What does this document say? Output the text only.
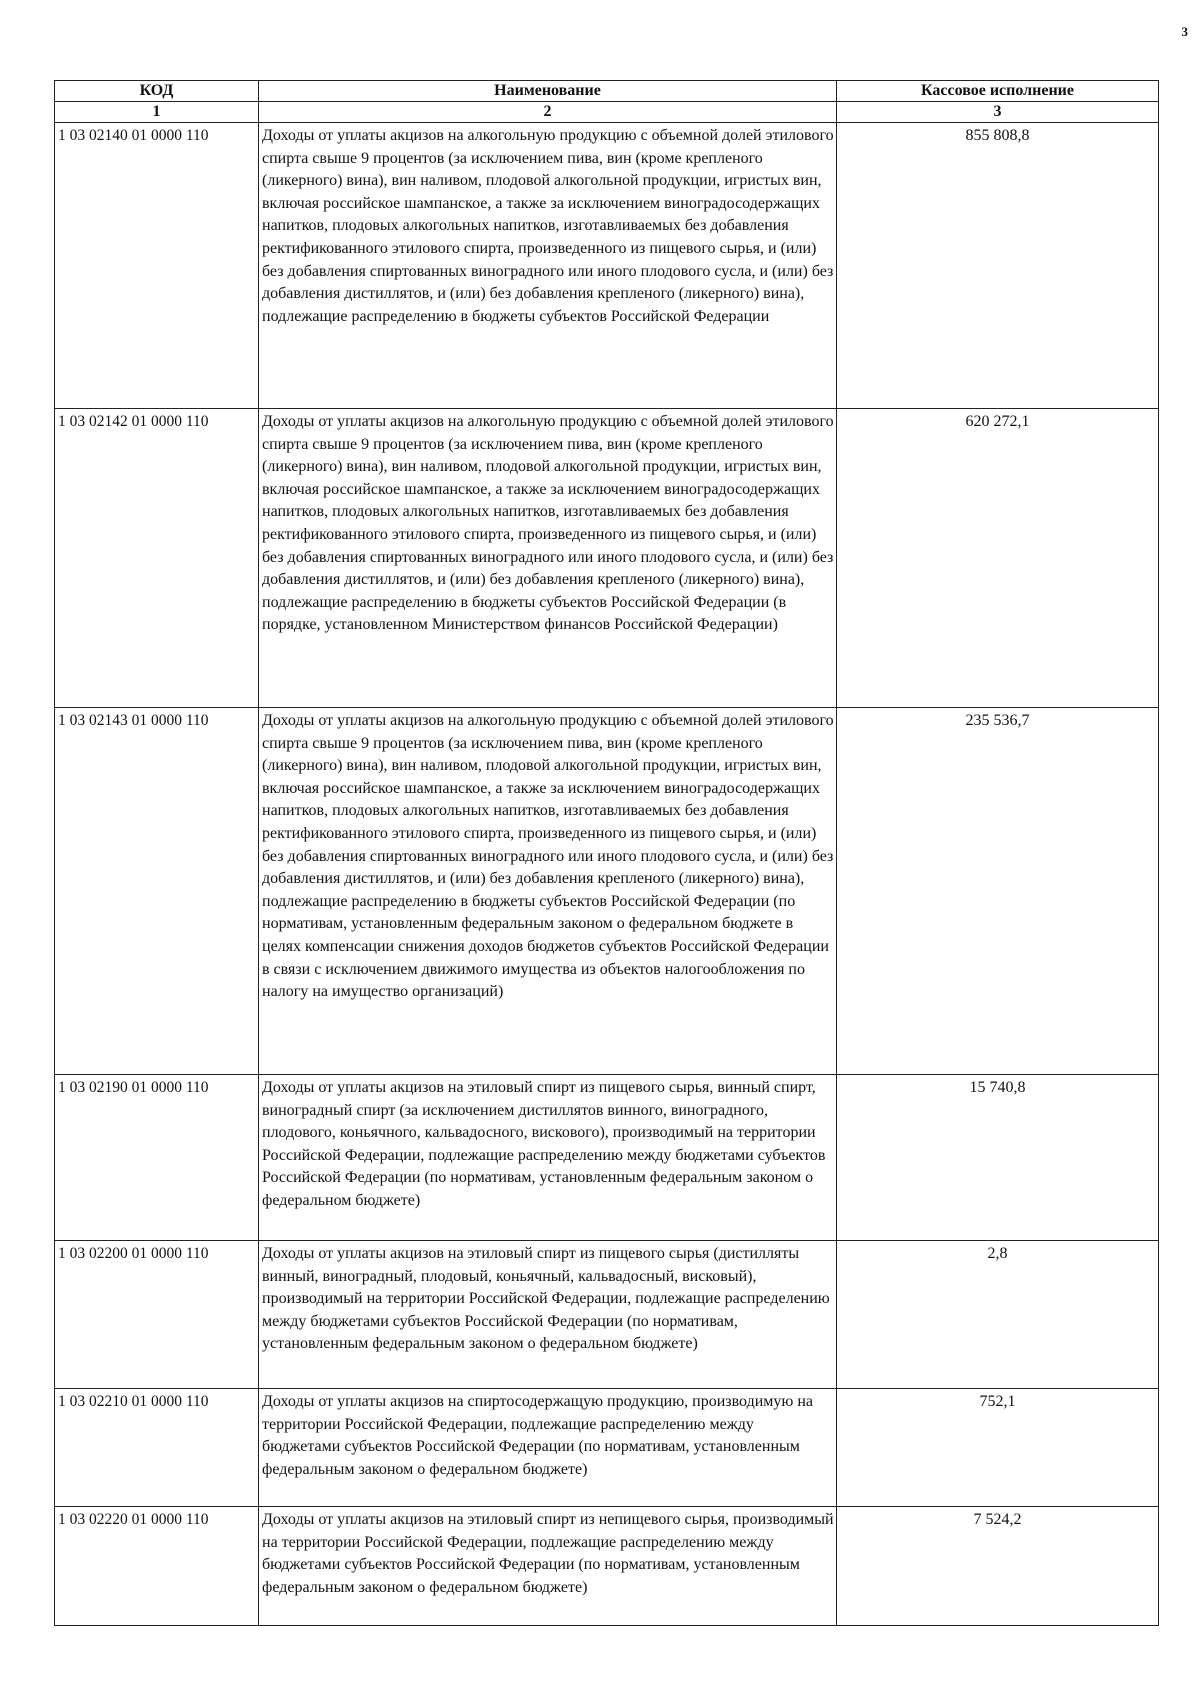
3
КОД	Наименование	Кассовое исполнение
1	2	3
1 03 02140 01 0000 110	Доходы от уплаты акцизов на алкогольную продукцию с объемной долей этилового спирта свыше 9 процентов (за исключением пива, вин (кроме крепленого (ликерного) вина), вин наливом, плодовой алкогольной продукции, игристых вин, включая российское шампанское, а также за исключением виноградосодержащих напитков, плодовых алкогольных напитков, изготавливаемых без добавления ректификованного этилового спирта, произведенного из пищевого сырья, и (или) без добавления спиртованных виноградного или иного плодового сусла, и (или) без добавления дистиллятов, и (или) без добавления крепленого (ликерного) вина), подлежащие распределению в бюджеты субъектов Российской Федерации	855 808,8
1 03 02142 01 0000 110	Доходы от уплаты акцизов на алкогольную продукцию с объемной долей этилового спирта свыше 9 процентов (за исключением пива, вин (кроме крепленого (ликерного) вина), вин наливом, плодовой алкогольной продукции, игристых вин, включая российское шампанское, а также за исключением виноградосодержащих напитков, плодовых алкогольных напитков, изготавливаемых без добавления ректификованного этилового спирта, произведенного из пищевого сырья, и (или) без добавления спиртованных виноградного или иного плодового сусла, и (или) без добавления дистиллятов, и (или) без добавления крепленого (ликерного) вина), подлежащие распределению в бюджеты субъектов Российской Федерации (в порядке, установленном Министерством финансов Российской Федерации)	620 272,1
1 03 02143 01 0000 110	Доходы от уплаты акцизов на алкогольную продукцию с объемной долей этилового спирта свыше 9 процентов (за исключением пива, вин (кроме крепленого (ликерного) вина), вин наливом, плодовой алкогольной продукции, игристых вин, включая российское шампанское, а также за исключением виноградосодержащих напитков, плодовых алкогольных напитков, изготавливаемых без добавления ректификованного этилового спирта, произведенного из пищевого сырья, и (или) без добавления спиртованных виноградного или иного плодового сусла, и (или) без добавления дистиллятов, и (или) без добавления крепленого (ликерного) вина), подлежащие распределению в бюджеты субъектов Российской Федерации (по нормативам, установленным федеральным законом о федеральном бюджете в целях компенсации снижения доходов бюджетов субъектов Российской Федерации в связи с исключением движимого имущества из объектов налогообложения по налогу на имущество организаций)	235 536,7
1 03 02190 01 0000 110	Доходы от уплаты акцизов на этиловый спирт из пищевого сырья, винный спирт, виноградный спирт (за исключением дистиллятов винного, виноградного, плодового, коньячного, кальвадосного, вискового), производимый на территории Российской Федерации, подлежащие распределению между бюджетами субъектов Российской Федерации (по нормативам, установленным федеральным законом о федеральном бюджете)	15 740,8
1 03 02200 01 0000 110	Доходы от уплаты акцизов на этиловый спирт из пищевого сырья (дистилляты винный, виноградный, плодовый, коньячный, кальвадосный, висковый), производимый на территории Российской Федерации, подлежащие распределению между бюджетами субъектов Российской Федерации (по нормативам, установленным федеральным законом о федеральном бюджете)	2,8
1 03 02210 01 0000 110	Доходы от уплаты акцизов на спиртосодержащую продукцию, производимую на территории Российской Федерации, подлежащие распределению между бюджетами субъектов Российской Федерации (по нормативам, установленным федеральным законом о федеральном бюджете)	752,1
1 03 02220 01 0000 110	Доходы от уплаты акцизов на этиловый спирт из непищевого сырья, производимый на территории Российской Федерации, подлежащие распределению между бюджетами субъектов Российской Федерации (по нормативам, установленным федеральным законом о федеральном бюджете)	7 524,2
